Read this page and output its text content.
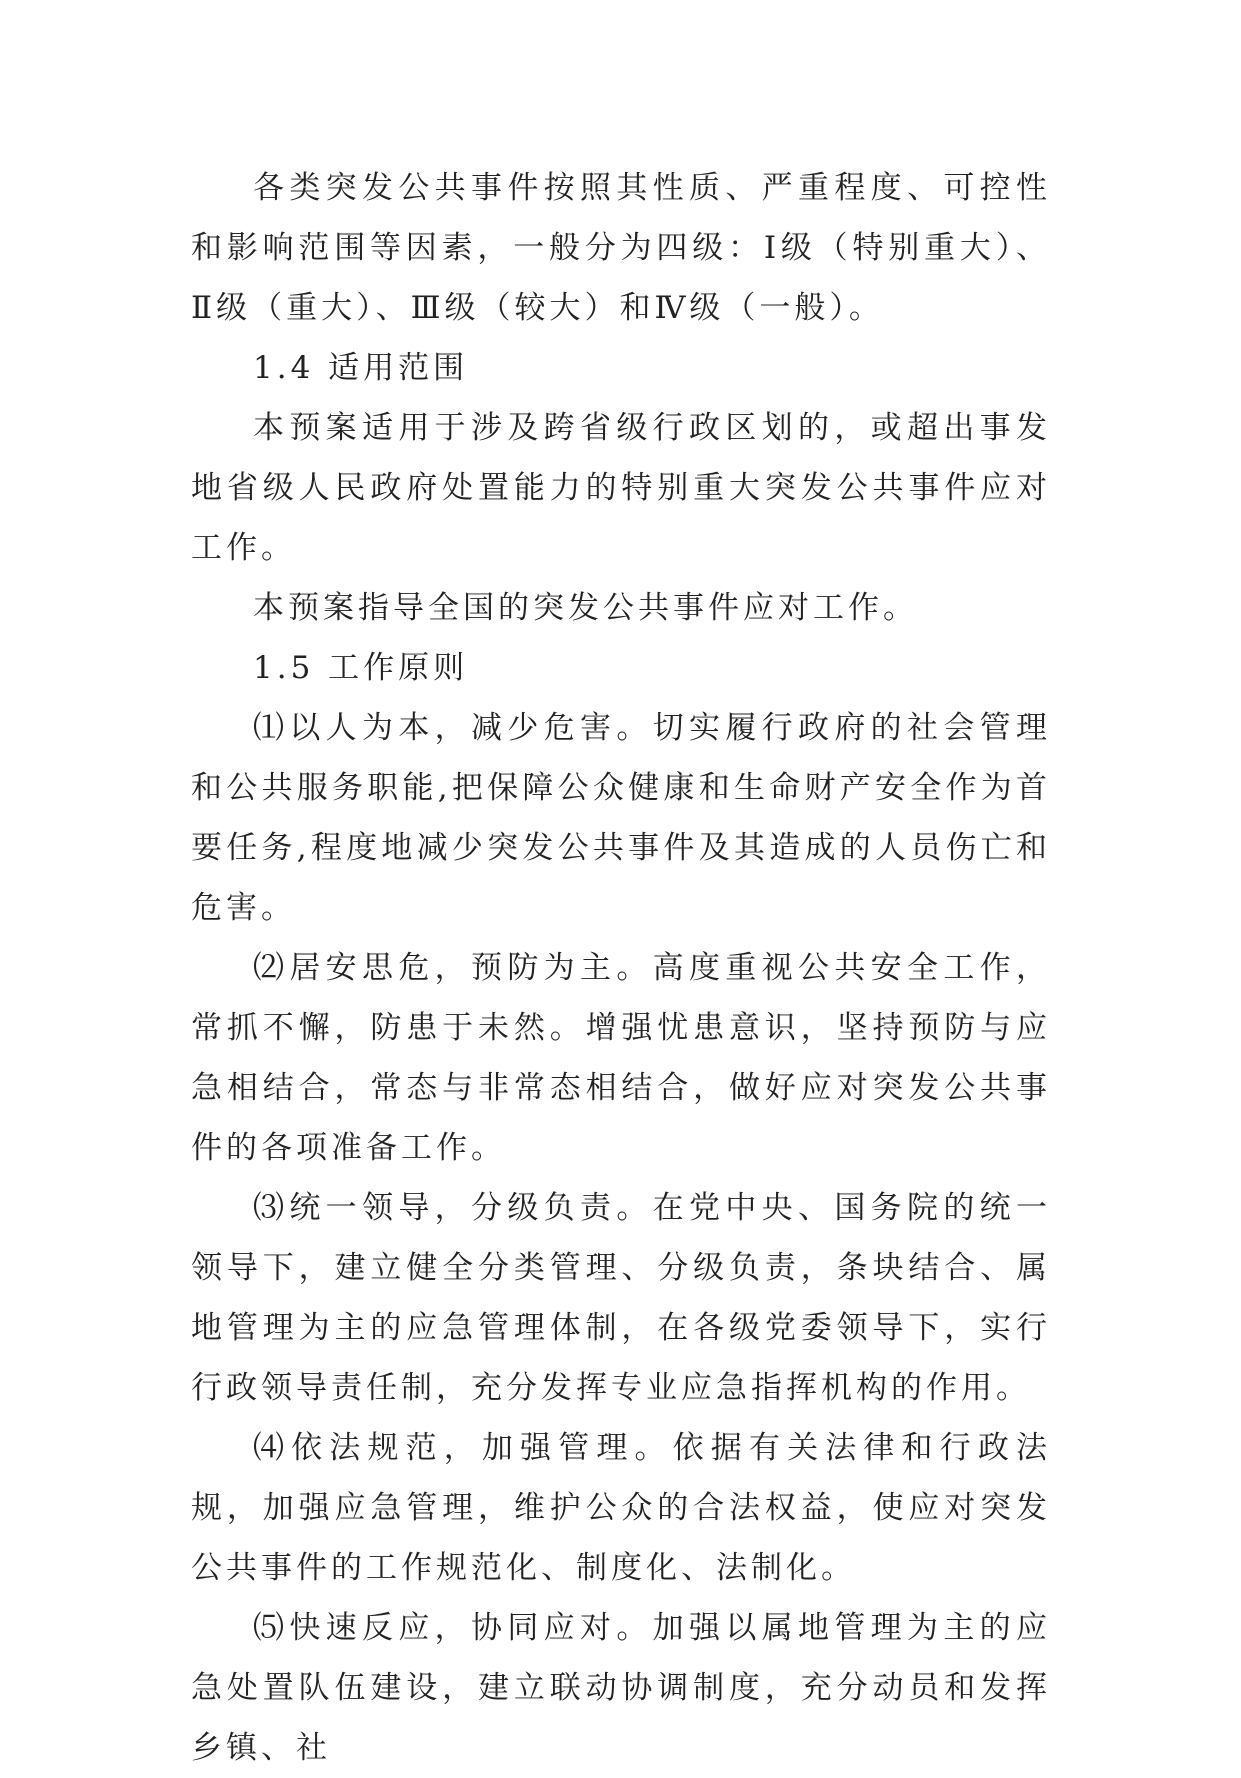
各类突发公共事件按照其性质、严重程度、可控性和影响范围等因素，一般分为四级：Ⅰ级（特别重大）、Ⅱ级（重大）、Ⅲ级（较大）和Ⅳ级（一般）。

1.4 适用范围

本预案适用于涉及跨省级行政区划的，或超出事发地省级人民政府处置能力的特别重大突发公共事件应对工作。

本预案指导全国的突发公共事件应对工作。

1.5 工作原则

⑴以人为本，减少危害。切实履行政府的社会管理和公共服务职能,把保障公众健康和生命财产安全作为首要任务,程度地减少突发公共事件及其造成的人员伤亡和危害。

⑵居安思危，预防为主。高度重视公共安全工作，常抓不懈，防患于未然。增强忧患意识，坚持预防与应急相结合，常态与非常态相结合，做好应对突发公共事件的各项准备工作。

⑶统一领导，分级负责。在党中央、国务院的统一领导下，建立健全分类管理、分级负责，条块结合、属地管理为主的应急管理体制，在各级党委领导下，实行行政领导责任制，充分发挥专业应急指挥机构的作用。

⑷依法规范，加强管理。依据有关法律和行政法规，加强应急管理，维护公众的合法权益，使应对突发公共事件的工作规范化、制度化、法制化。

⑸快速反应，协同应对。加强以属地管理为主的应急处置队伍建设，建立联动协调制度，充分动员和发挥乡镇、社
